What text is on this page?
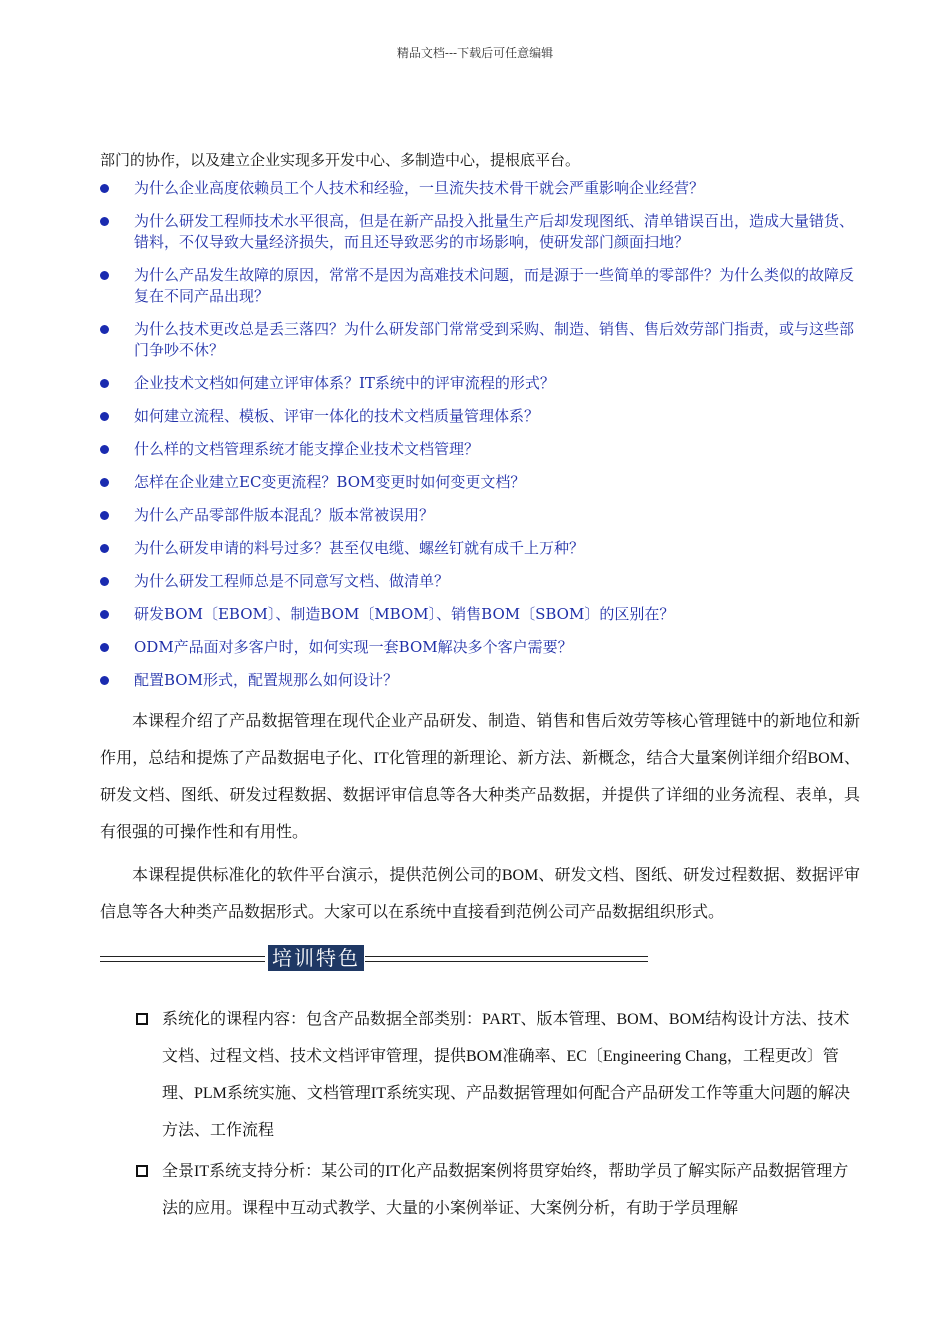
精品文档---下载后可任意编辑

部门的协作，以及建立企业实现多开发中心、多制造中心，提根底平台。

为什么企业高度依赖员工个人技术和经验，一旦流失技术骨干就会严重影响企业经营？
为什么研发工程师技术水平很高，但是在新产品投入批量生产后却发现图纸、清单错误百出，造成大量错货、错料，不仅导致大量经济损失，而且还导致恶劣的市场影响，使研发部门颜面扫地？
为什么产品发生故障的原因，常常不是因为高难技术问题，而是源于一些简单的零部件？为什么类似的故障反复在不同产品出现？
为什么技术更改总是丢三落四？为什么研发部门常常受到采购、制造、销售、售后效劳部门指责，或与这些部门争吵不休？
企业技术文档如何建立评审体系？IT系统中的评审流程的形式？
如何建立流程、模板、评审一体化的技术文档质量管理体系？
什么样的文档管理系统才能支撑企业技术文档管理？
怎样在企业建立EC变更流程？BOM变更时如何变更文档？
为什么产品零部件版本混乱？版本常被误用？
为什么研发申请的料号过多？甚至仅电缆、螺丝钉就有成千上万种？
为什么研发工程师总是不同意写文档、做清单？
研发BOM〔EBOM〕、制造BOM〔MBOM〕、销售BOM〔SBOM〕的区别在？
ODM产品面对多客户时，如何实现一套BOM解决多个客户需要？
配置BOM形式，配置规那么如何设计？

本课程介绍了产品数据管理在现代企业产品研发、制造、销售和售后效劳等核心管理链中的新地位和新作用，总结和提炼了产品数据电子化、IT化管理的新理论、新方法、新概念，结合大量案例详细介绍BOM、研发文档、图纸、研发过程数据、数据评审信息等各大种类产品数据，并提供了详细的业务流程、表单，具有很强的可操作性和有用性。

本课程提供标准化的软件平台演示，提供范例公司的BOM、研发文档、图纸、研发过程数据、数据评审信息等各大种类产品数据形式。大家可以在系统中直接看到范例公司产品数据组织形式。

培训特色
系统化的课程内容：包含产品数据全部类别：PART、版本管理、BOM、BOM结构设计方法、技术文档、过程文档、技术文档评审管理，提供BOM准确率、EC〔Engineering Chang，工程更改〕管理、PLM系统实施、文档管理IT系统实现、产品数据管理如何配合产品研发工作等重大问题的解决方法、工作流程
全景IT系统支持分析：某公司的IT化产品数据案例将贯穿始终，帮助学员了解实际产品数据管理方法的应用。课程中互动式教学、大量的小案例举证、大案例分析，有助于学员理解
